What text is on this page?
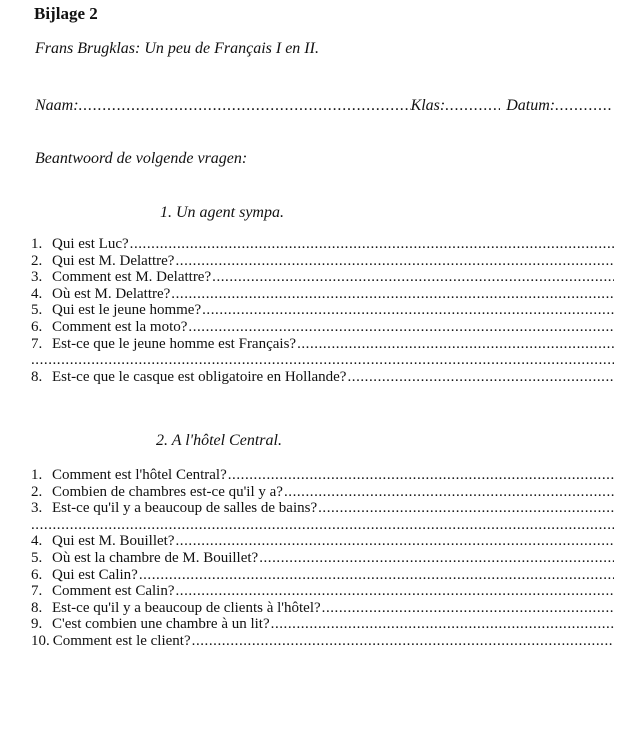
Bijlage 2
Frans Brugklas: Un peu de Français I en II.
Naam: . . .	Klas: . . .	Datum:
. . .
Beantwoord de volgende vragen:
1. Un agent sympa.
1. Qui est Luc?
. . .
2. Qui est M. Delattre?
. . .
3. Comment est M. Delattre?
. . .
4. Où est M. Delattre?
. . .
5. Qui est le jeune homme?
. . .
6. Comment est la moto?
. . .
7. Est-ce que le jeune homme est Français?
. . .
. . .
8. Est-ce que le casque est obligatoire en Hollande?
. . .
2. A l'hôtel Central.
1. Comment est l'hôtel Central?
. . .
2. Combien de chambres est-ce qu'il y a?
. . .
3. Est-ce qu'il y a beaucoup de salles de bains?
. . .
. . .
4. Qui est M. Bouillet?
. . .
5. Où est la chambre de M. Bouillet?
. . .
6. Qui est Calin?
. . .
7. Comment est Calin?
. . .
8. Est-ce qu'il y a beaucoup de clients à l'hôtel?
. . .
9. C'est combien une chambre à un lit?
. . .
10. Comment est le client?
. . .
